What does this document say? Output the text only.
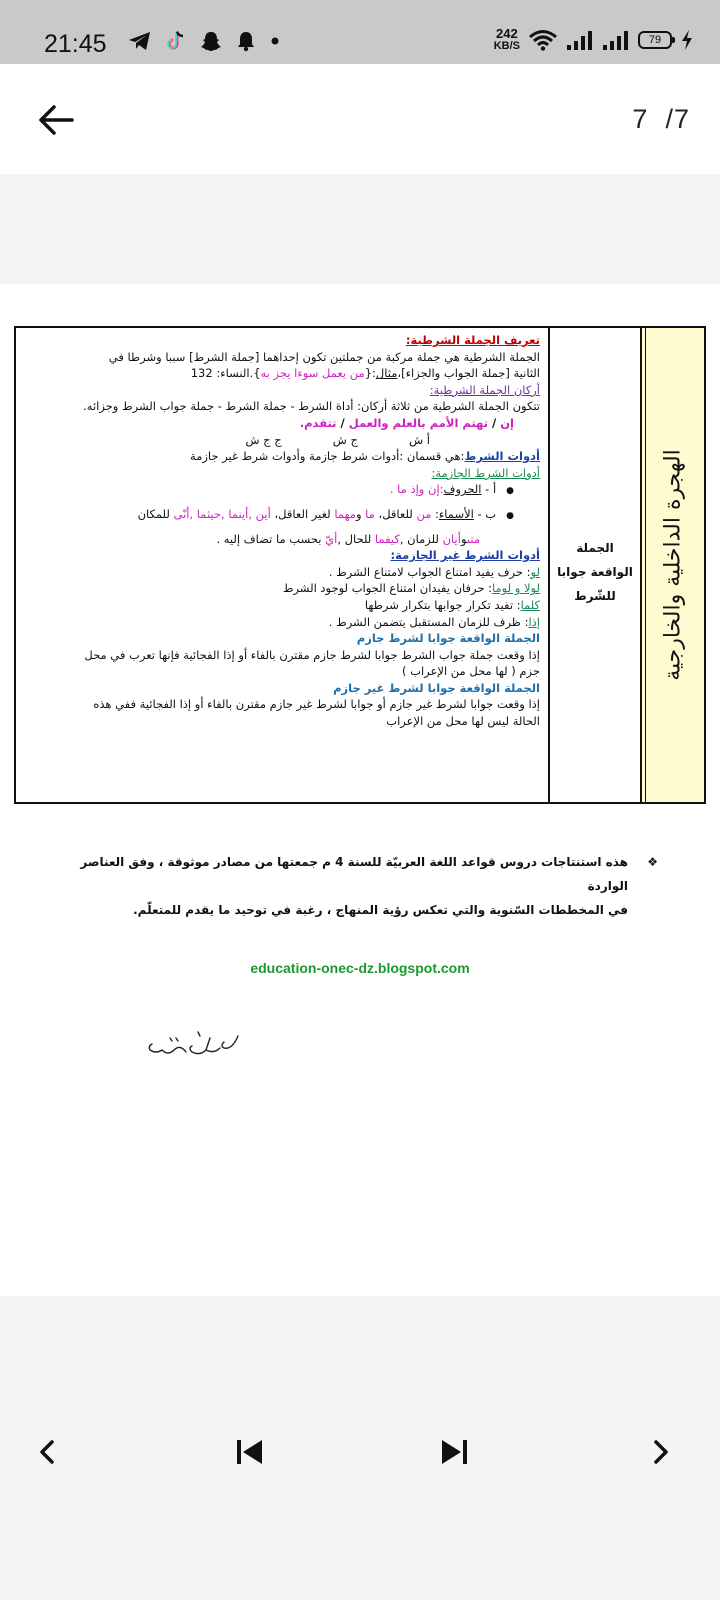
21:45	242
KB/S	79
7 /7
الهجرة الداخلية والخارجية
الجملة الواقعة جوابا للشّرط

تعريف الجملة الشرطية:

الجملة الشرطية هي جملة مركبة من جملتين تكون إحداهما [جملة الشرط] سببا وشرطا في

الثانية [جملة الجواب والجزاء]،مثال:{من يعمل سوءا يجز به}.النساء: 132

أركان الجملة الشرطية:

تتكون الجملة الشرطية من ثلاثة أركان: أداة الشرط - جملة الشرط - جملة جواب الشرط وجزائه.

إن / تهتم الأمم بالعلم والعمل / تتقدم.

أ ش              ج ش              ج ج ش

أدوات الشرط:هي قسمان :أدوات شرط جازمة وأدوات شرط غير جازمة

أدوات الشرط الجازمة:

● أ - الحروف:إن وإذ ما .

● ب - الأسماء: من للعاقل، ما ومهما لغير العاقل، أين ,أينما ,حيثما ,أنّى للمكان

متىوأيان للزمان ,كيفما للحال ,أيّ بحسب ما تضاف إليه .

أدوات الشرط غير الجازمة:

لو: حرف يفيد امتناع الجواب لامتناع الشرط .

لولا و لوما: حرفان يفيدان امتناع الجواب لوجود الشرط

كلما: تفيد تكرار جوابها بتكرار شرطها

إذا: ظرف للزمان المستقبل يتضمن الشرط .

الجملة الواقعة جوابا لشرط جازم

إذا وقعت جملة جواب الشرط جوابا لشرط جازم مقترن بالفاء أو إذا الفجائية فإنها تعرب في محل

جزم ( لها محل من الإعراب )

الجملة الواقعة جوابا لشرط غير جازم

إذا وقعت جوابا لشرط غير جازم أو جوابا لشرط غير جازم مقترن بالفاء أو إذا الفجائية ففي هذه

الحالة ليس لها محل من الإعراب

❖
هذه استنتاجات دروس قواعد اللغة العربيّة للسنة 4 م جمعتها من مصادر موثوقة ، وفق العناصر الواردة
في المخططات السّنوية والتي تعكس رؤية المنهاج ، رغبة في توحيد ما يقدم للمتعلّم.
education-onec-dz.blogspot.com
